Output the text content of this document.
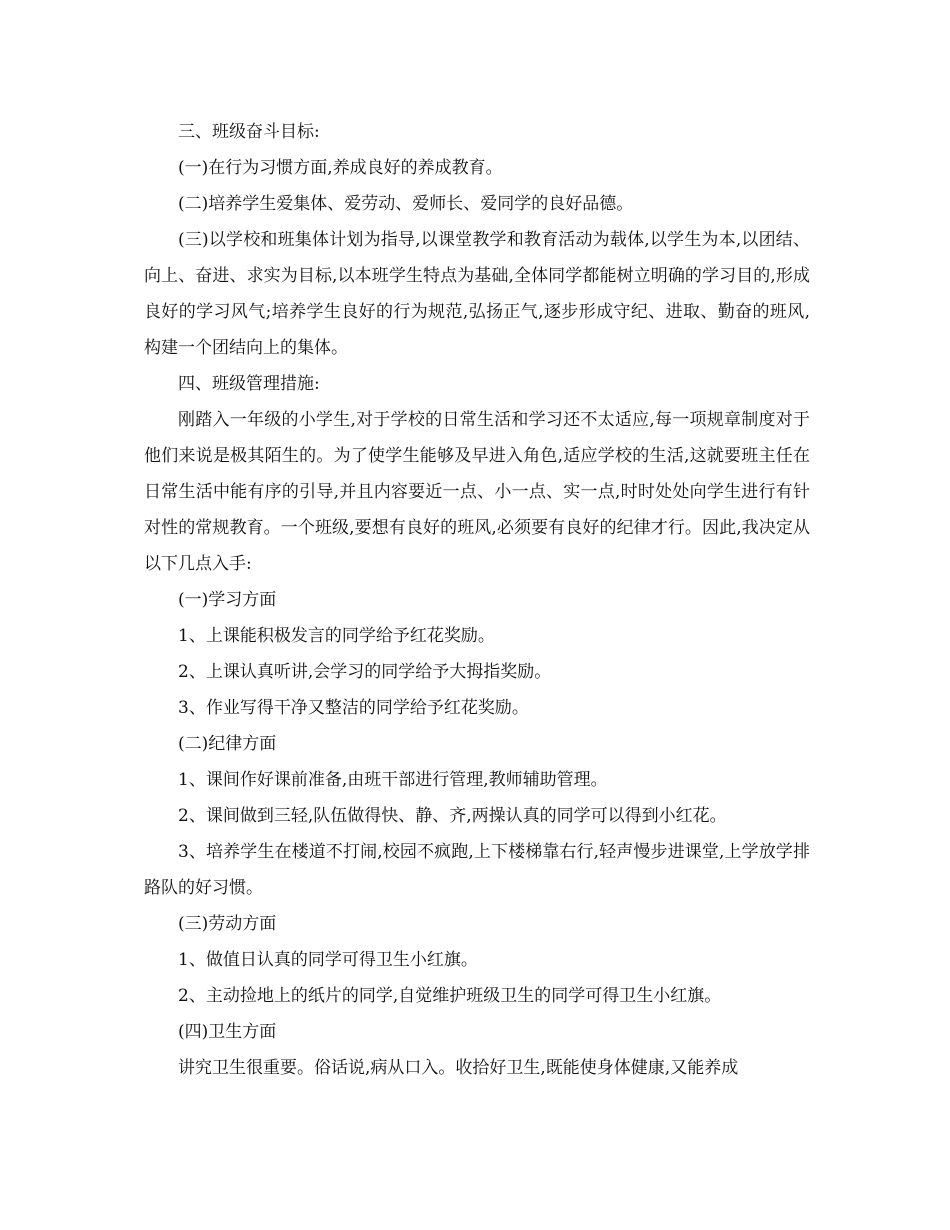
三、班级奋斗目标:

(一)在行为习惯方面,养成良好的养成教育。

(二)培养学生爱集体、爱劳动、爱师长、爱同学的良好品德。

(三)以学校和班集体计划为指导,以课堂教学和教育活动为载体,以学生为本,以团结、向上、奋进、求实为目标,以本班学生特点为基础,全体同学都能树立明确的学习目的,形成良好的学习风气;培养学生良好的行为规范,弘扬正气,逐步形成守纪、进取、勤奋的班风,构建一个团结向上的集体。

四、班级管理措施:

刚踏入一年级的小学生,对于学校的日常生活和学习还不太适应,每一项规章制度对于他们来说是极其陌生的。为了使学生能够及早进入角色,适应学校的生活,这就要班主任在日常生活中能有序的引导,并且内容要近一点、小一点、实一点,时时处处向学生进行有针对性的常规教育。一个班级,要想有良好的班风,必须要有良好的纪律才行。因此,我决定从以下几点入手:

(一)学习方面

1、上课能积极发言的同学给予红花奖励。

2、上课认真听讲,会学习的同学给予大拇指奖励。

3、作业写得干净又整洁的同学给予红花奖励。

(二)纪律方面

1、课间作好课前准备,由班干部进行管理,教师辅助管理。

2、课间做到三轻,队伍做得快、静、齐,两操认真的同学可以得到小红花。

3、培养学生在楼道不打闹,校园不疯跑,上下楼梯靠右行,轻声慢步进课堂,上学放学排路队的好习惯。

(三)劳动方面

1、做值日认真的同学可得卫生小红旗。

2、主动捡地上的纸片的同学,自觉维护班级卫生的同学可得卫生小红旗。

(四)卫生方面

讲究卫生很重要。俗话说,病从口入。收拾好卫生,既能使身体健康,又能养成
